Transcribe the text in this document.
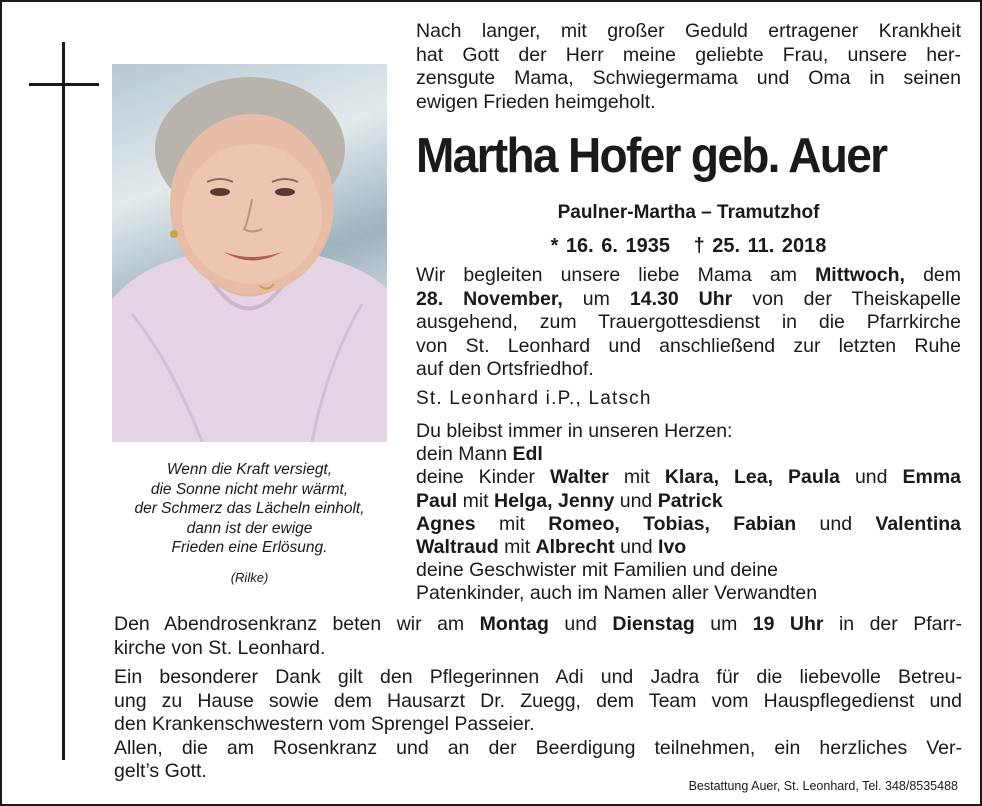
Wenn die Kraft versiegt,
die Sonne nicht mehr wärmt,
der Schmerz das Lächeln einholt,
dann ist der ewige
Frieden eine Erlösung.
(Rilke)
Nach langer, mit großer Geduld ertragener Krankheit
hat Gott der Herr meine geliebte Frau, unsere her-
zensgute Mama, Schwiegermama und Oma in seinen
ewigen Frieden heimgeholt.
Martha Hofer geb. Auer
Paulner-Martha – Tramutzhof
* 16. 6. 1935 † 25. 11. 2018
Wir begleiten unsere liebe Mama am Mittwoch, dem
28. November, um 14.30 Uhr von der Theiskapelle
ausgehend, zum Trauergottesdienst in die Pfarrkirche
von St. Leonhard und anschließend zur letzten Ruhe
auf den Ortsfriedhof.
St. Leonhard i.P., Latsch
Du bleibst immer in unseren Herzen:
dein Mann Edl
deine Kinder Walter mit Klara, Lea, Paula und Emma
Paul mit Helga, Jenny und Patrick
Agnes mit Romeo, Tobias, Fabian und Valentina
Waltraud mit Albrecht und Ivo
deine Geschwister mit Familien und deine
Patenkinder, auch im Namen aller Verwandten
Den Abendrosenkranz beten wir am Montag und Dienstag um 19 Uhr in der Pfarr-
kirche von St. Leonhard.
Ein besonderer Dank gilt den Pflegerinnen Adi und Jadra für die liebevolle Betreu-
ung zu Hause sowie dem Hausarzt Dr. Zuegg, dem Team vom Hauspflegedienst und
den Krankenschwestern vom Sprengel Passeier.
Allen, die am Rosenkranz und an der Beerdigung teilnehmen, ein herzliches Ver-
gelt’s Gott.
Bestattung Auer, St. Leonhard, Tel. 348/8535488
